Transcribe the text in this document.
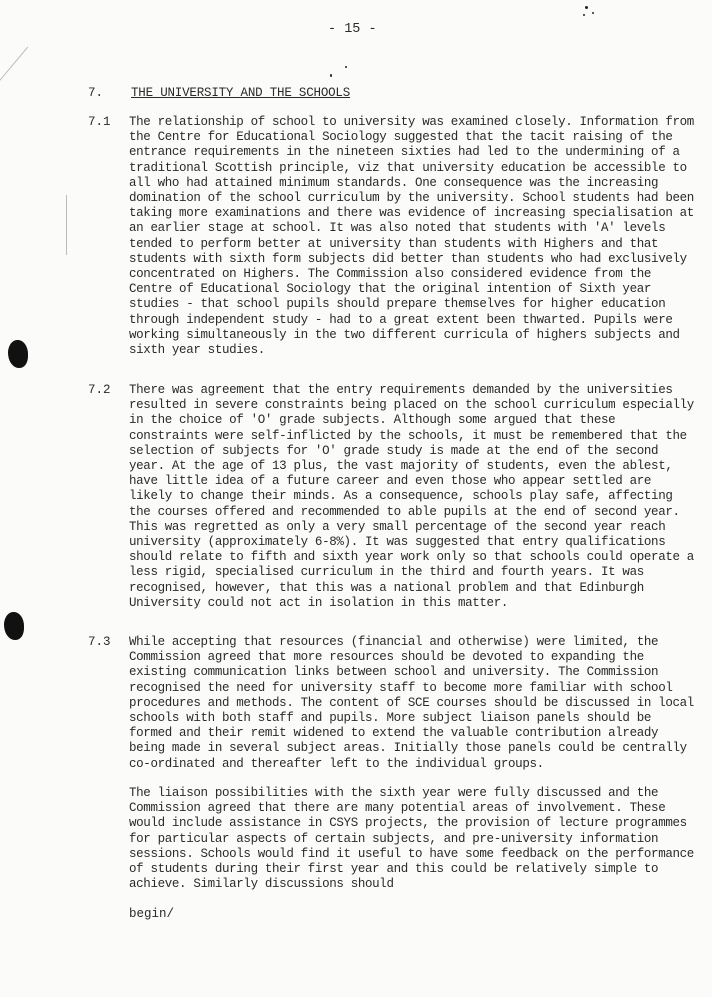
- 15 -
7. THE UNIVERSITY AND THE SCHOOLS
7.1 The relationship of school to university was examined closely. Information from the Centre for Educational Sociology suggested that the tacit raising of the entrance requirements in the nineteen sixties had led to the undermining of a traditional Scottish principle, viz that university education be accessible to all who had attained minimum standards. One consequence was the increasing domination of the school curriculum by the university. School students had been taking more examinations and there was evidence of increasing specialisation at an earlier stage at school. It was also noted that students with 'A' levels tended to perform better at university than students with Highers and that students with sixth form subjects did better than students who had exclusively concentrated on Highers. The Commission also considered evidence from the Centre of Educational Sociology that the original intention of Sixth year studies - that school pupils should prepare themselves for higher education through independent study - had to a great extent been thwarted. Pupils were working simultaneously in the two different curricula of highers subjects and sixth year studies.

7.2 There was agreement that the entry requirements demanded by the universities resulted in severe constraints being placed on the school curriculum especially in the choice of 'O' grade subjects. Although some argued that these constraints were self-inflicted by the schools, it must be remembered that the selection of subjects for 'O' grade study is made at the end of the second year. At the age of 13 plus, the vast majority of students, even the ablest, have little idea of a future career and even those who appear settled are likely to change their minds. As a consequence, schools play safe, affecting the courses offered and recommended to able pupils at the end of second year. This was regretted as only a very small percentage of the second year reach university (approximately 6-8%). It was suggested that entry qualifications should relate to fifth and sixth year work only so that schools could operate a less rigid, specialised curriculum in the third and fourth years. It was recognised, however, that this was a national problem and that Edinburgh University could not act in isolation in this matter.

7.3 While accepting that resources (financial and otherwise) were limited, the Commission agreed that more resources should be devoted to expanding the existing communication links between school and university. The Commission recognised the need for university staff to become more familiar with school procedures and methods. The content of SCE courses should be discussed in local schools with both staff and pupils. More subject liaison panels should be formed and their remit widened to extend the valuable contribution already being made in several subject areas. Initially those panels could be centrally co-ordinated and thereafter left to the individual groups.

The liaison possibilities with the sixth year were fully discussed and the Commission agreed that there are many potential areas of involvement. These would include assistance in CSYS projects, the provision of lecture programmes for particular aspects of certain subjects, and pre-university information sessions. Schools would find it useful to have some feedback on the performance of students during their first year and this could be relatively simple to achieve. Similarly discussions should

begin/
